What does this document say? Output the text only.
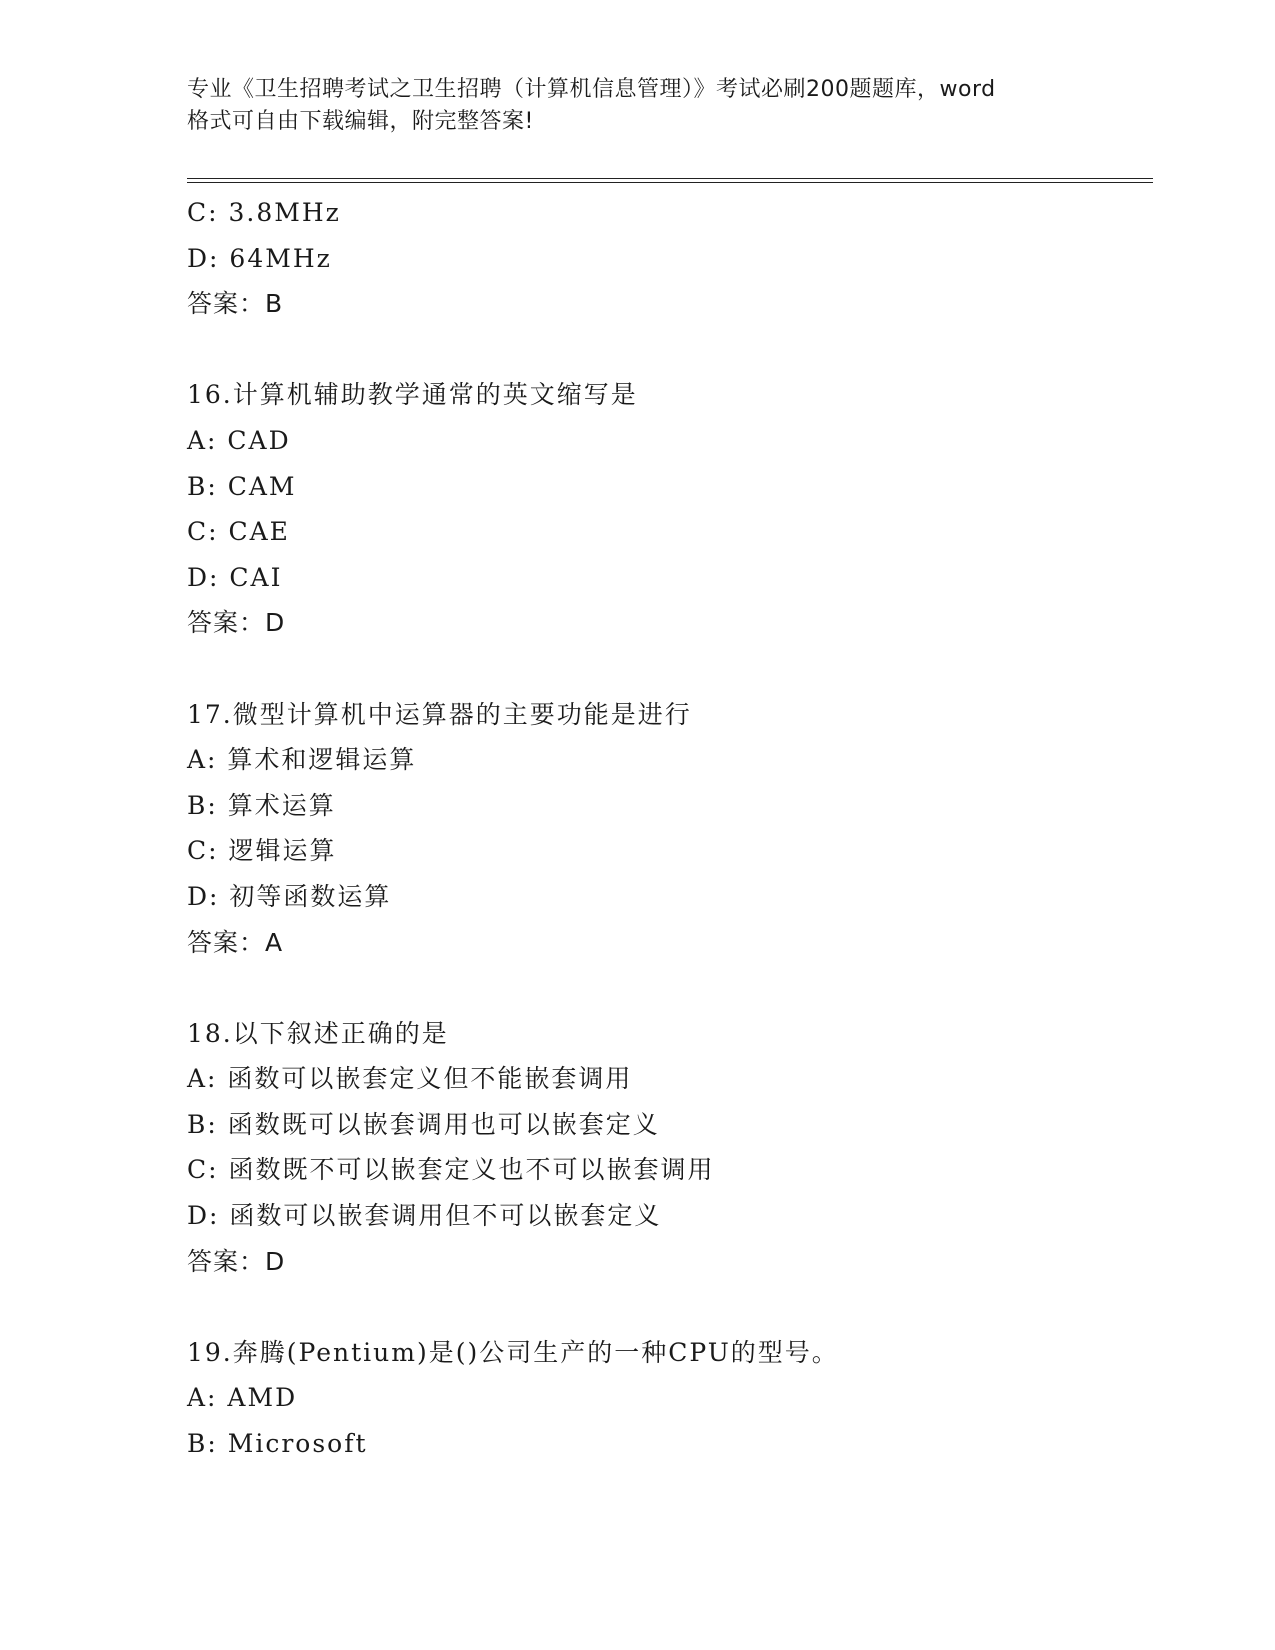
专业《卫生招聘考试之卫生招聘（计算机信息管理）》考试必刷200题题库，word
格式可自由下载编辑，附完整答案!
C: 3.8MHz
D: 64MHz
答案：B
16.计算机辅助教学通常的英文缩写是
A: CAD
B: CAM
C: CAE
D: CAI
答案：D
17.微型计算机中运算器的主要功能是进行
A: 算术和逻辑运算
B: 算术运算
C: 逻辑运算
D: 初等函数运算
答案：A
18.以下叙述正确的是
A: 函数可以嵌套定义但不能嵌套调用
B: 函数既可以嵌套调用也可以嵌套定义
C: 函数既不可以嵌套定义也不可以嵌套调用
D: 函数可以嵌套调用但不可以嵌套定义
答案：D
19.奔腾(Pentium)是()公司生产的一种CPU的型号。
A: AMD
B: Microsoft
